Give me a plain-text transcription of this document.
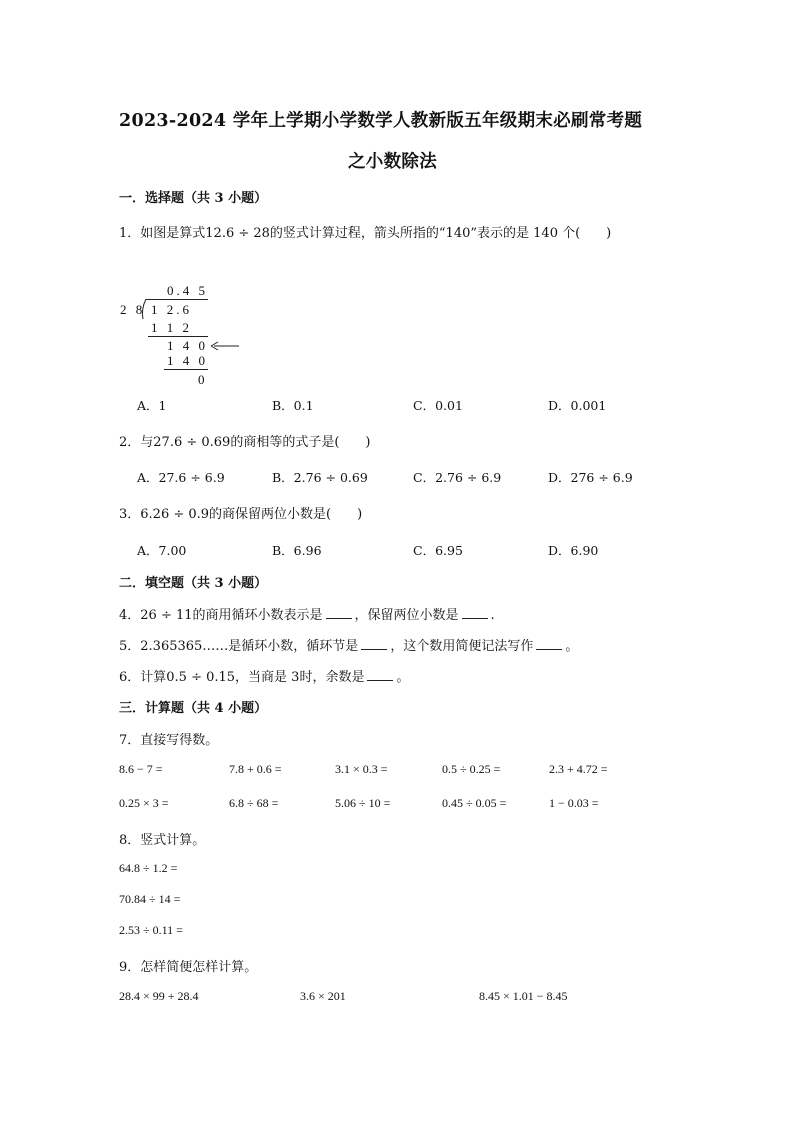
2023-2024 学年上学期小学数学人教新版五年级期末必刷常考题
之小数除法
一．选择题（共 3 小题）
1．如图是算式12.6 ÷ 28的竖式计算过程，箭头所指的“140”表示的是 140 个(　　)
0.4 5
2 8 1 2.6
1 1 2
1 4 0
1 4 0
0
A．1	B．0.1	C．0.01	D．0.001
2．与27.6 ÷ 0.69的商相等的式子是(　　)
A．27.6 ÷ 6.9	B．2.76 ÷ 0.69	C．2.76 ÷ 6.9	D．276 ÷ 6.9
3．6.26 ÷ 0.9的商保留两位小数是(　　)
A．7.00	B．6.96	C．6.95	D．6.90
二．填空题（共 3 小题）
4．26 ÷ 11的商用循环小数表示是 ，保留两位小数是 .
5．2.365365……是循环小数，循环节是 ，这个数用简便记法写作 。
6．计算0.5 ÷ 0.15，当商是 3时，余数是 。
三．计算题（共 4 小题）
7．直接写得数。
8.6 − 7 =	7.8 + 0.6 =	3.1 × 0.3 =	0.5 ÷ 0.25 =	2.3 + 4.72 =
0.25 × 3 =	6.8 ÷ 68 =	5.06 ÷ 10 =	0.45 ÷ 0.05 =	1 − 0.03 =
8．竖式计算。
64.8 ÷ 1.2 =
70.84 ÷ 14 =
2.53 ÷ 0.11 =
9．怎样简便怎样计算。
28.4 × 99 + 28.4	3.6 × 201	8.45 × 1.01 − 8.45
